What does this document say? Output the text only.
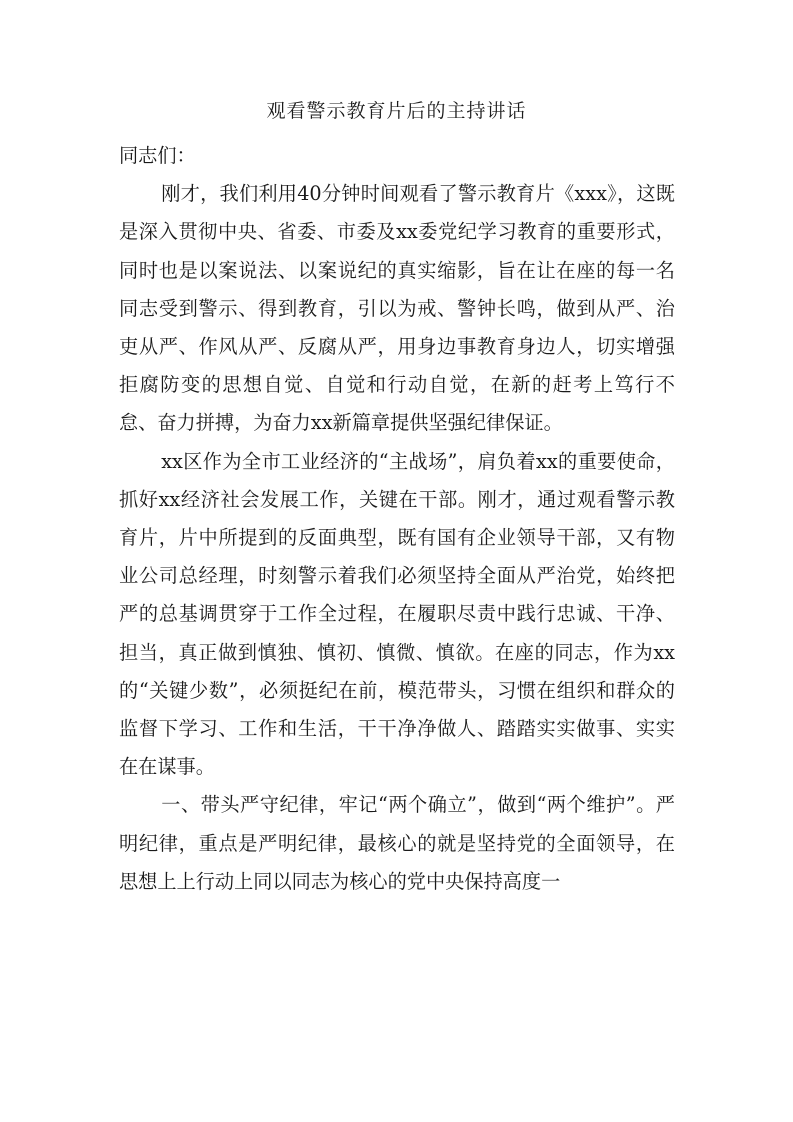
观看警示教育片后的主持讲话

同志们：

刚才，我们利用40分钟时间观看了警示教育片《xxx》，这既是深入贯彻中央、省委、市委及xx委党纪学习教育的重要形式，同时也是以案说法、以案说纪的真实缩影，旨在让在座的每一名同志受到警示、得到教育，引以为戒、警钟长鸣，做到从严、治吏从严、作风从严、反腐从严，用身边事教育身边人，切实增强拒腐防变的思想自觉、自觉和行动自觉，在新的赶考上笃行不怠、奋力拼搏，为奋力xx新篇章提供坚强纪律保证。

xx区作为全市工业经济的“主战场”，肩负着xx的重要使命，抓好xx经济社会发展工作，关键在干部。刚才，通过观看警示教育片，片中所提到的反面典型，既有国有企业领导干部，又有物业公司总经理，时刻警示着我们必须坚持全面从严治党，始终把严的总基调贯穿于工作全过程，在履职尽责中践行忠诚、干净、担当，真正做到慎独、慎初、慎微、慎欲。在座的同志，作为xx的“关键少数”，必须挺纪在前，模范带头，习惯在组织和群众的监督下学习、工作和生活，干干净净做人、踏踏实实做事、实实在在谋事。

一、带头严守纪律，牢记“两个确立”，做到“两个维护”。严明纪律，重点是严明纪律，最核心的就是坚持党的全面领导，在思想上上行动上同以同志为核心的党中央保持高度一
